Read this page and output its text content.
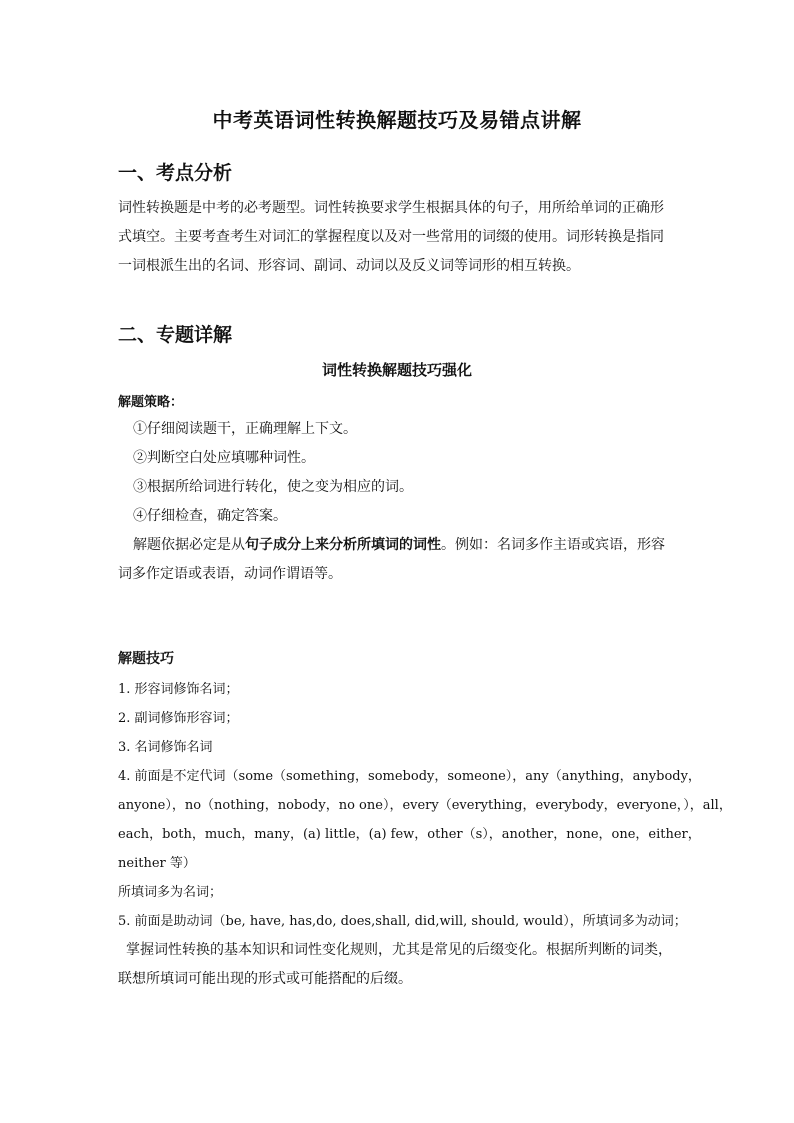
中考英语词性转换解题技巧及易错点讲解
一、考点分析
词性转换题是中考的必考题型。词性转换要求学生根据具体的句子，用所给单词的正确形
式填空。主要考查考生对词汇的掌握程度以及对一些常用的词缀的使用。词形转换是指同
一词根派生出的名词、形容词、副词、动词以及反义词等词形的相互转换。
二、专题详解
词性转换解题技巧强化
解题策略：
①仔细阅读题干，正确理解上下文。
②判断空白处应填哪种词性。
③根据所给词进行转化，使之变为相应的词。
④仔细检查，确定答案。
解题依据必定是从句子成分上来分析所填词的词性。例如：名词多作主语或宾语，形容
词多作定语或表语，动词作谓语等。
解题技巧
1. 形容词修饰名词；
2. 副词修饰形容词；
3. 名词修饰名词
4. 前面是不定代词（some（something，somebody，someone），any（anything，anybody，
anyone），no（nothing，nobody，no one），every（everything，everybody，everyone，），all，
each，both，much，many，(a) little，(a) few，other（s），another，none，one，either，
neither 等）
所填词多为名词；
5. 前面是助动词（be, have, has,do, does,shall, did,will, should, would），所填词多为动词；
掌握词性转换的基本知识和词性变化规则，尤其是常见的后缀变化。根据所判断的词类，
联想所填词可能出现的形式或可能搭配的后缀。
